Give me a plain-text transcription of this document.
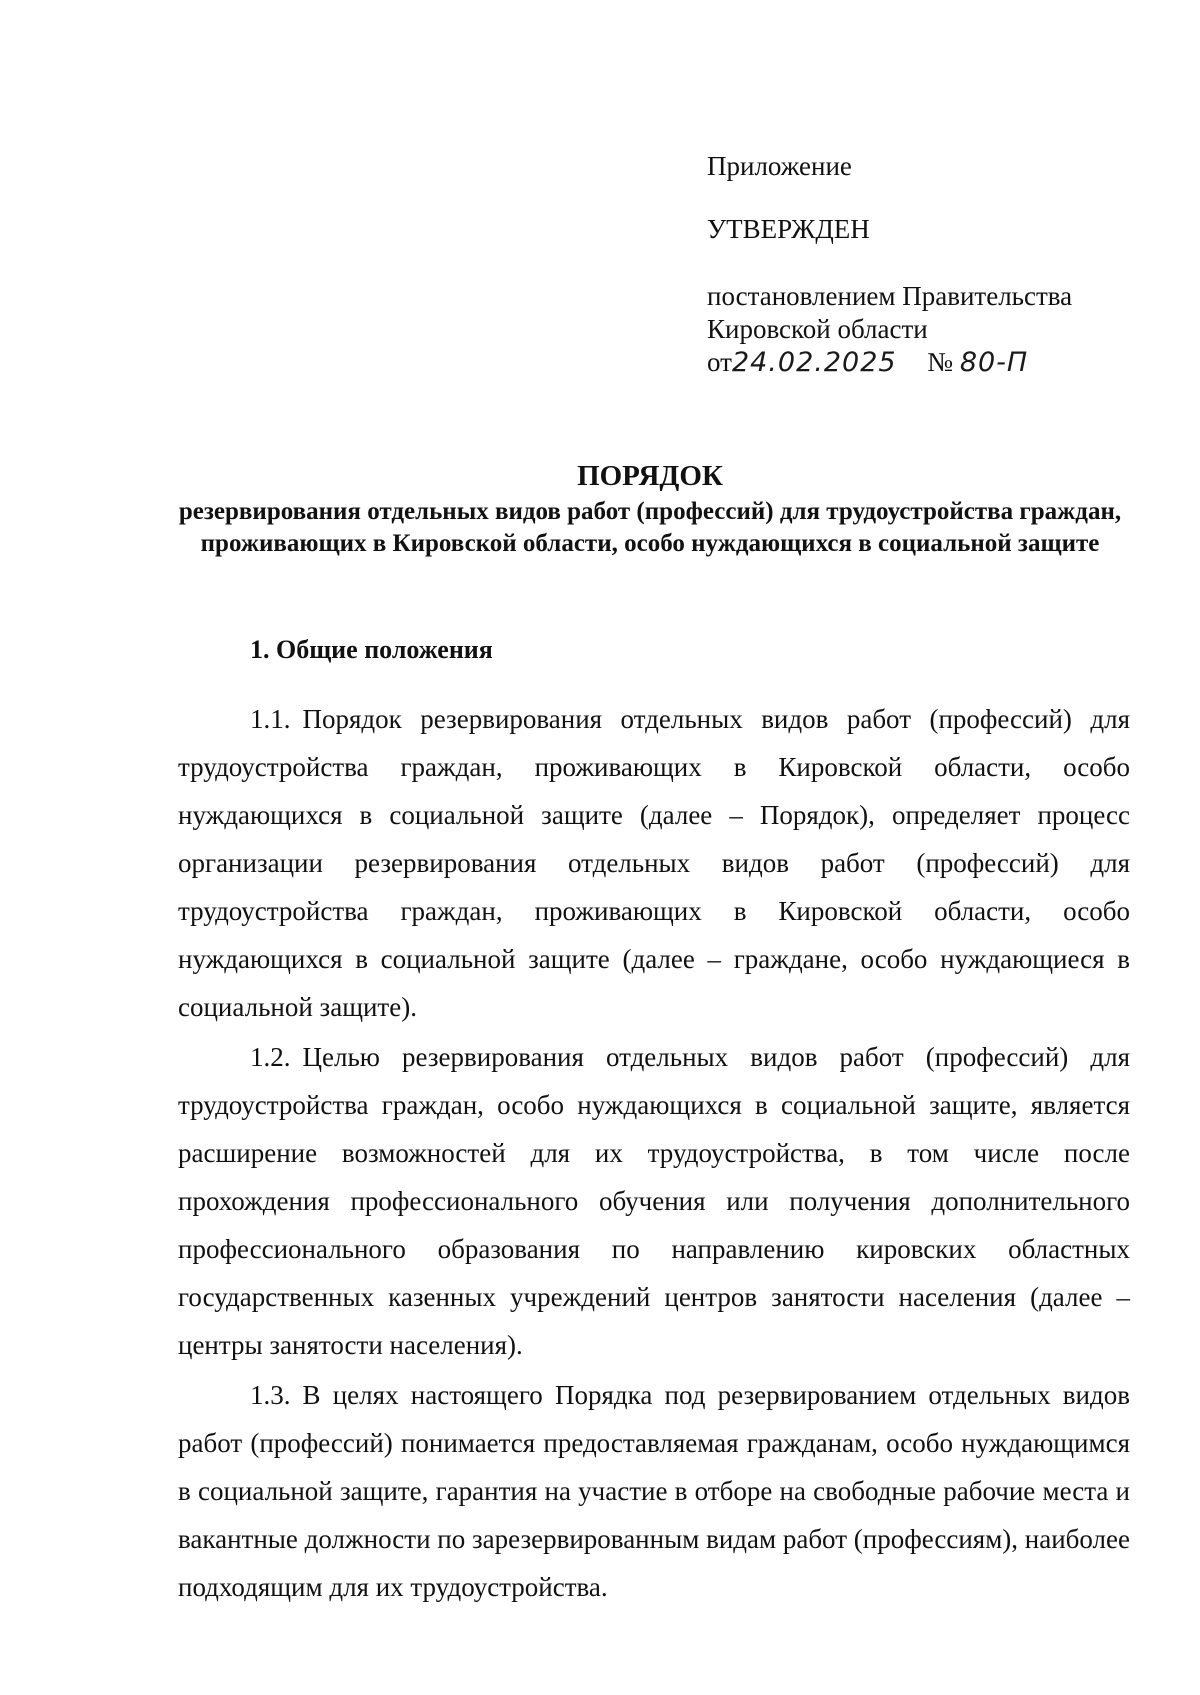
Приложение

УТВЕРЖДЕН

постановлением Правительства

Кировской области

от24.02.2025 № 80-П

ПОРЯДОК

резервирования отдельных видов работ (профессий) для трудоустройства граждан, проживающих в Кировской области, особо нуждающихся в социальной защите

1. Общие положения

1.1. Порядок резервирования отдельных видов работ (профессий) для трудоустройства граждан, проживающих в Кировской области, особо нуждающихся в социальной защите (далее – Порядок), определяет процесс организации резервирования отдельных видов работ (профессий) для трудоустройства граждан, проживающих в Кировской области, особо нуждающихся в социальной защите (далее – граждане, особо нуждающиеся в социальной защите).

1.2. Целью резервирования отдельных видов работ (профессий) для трудоустройства граждан, особо нуждающихся в социальной защите, является расширение возможностей для их трудоустройства, в том числе после прохождения профессионального обучения или получения дополнительного профессионального образования по направлению кировских областных государственных казенных учреждений центров занятости населения (далее – центры занятости населения).

1.3. В целях настоящего Порядка под резервированием отдельных видов работ (профессий) понимается предоставляемая гражданам, особо нуждающимся в социальной защите, гарантия на участие в отборе на свободные рабочие места и вакантные должности по зарезервированным видам работ (профессиям), наиболее подходящим для их трудоустройства.
